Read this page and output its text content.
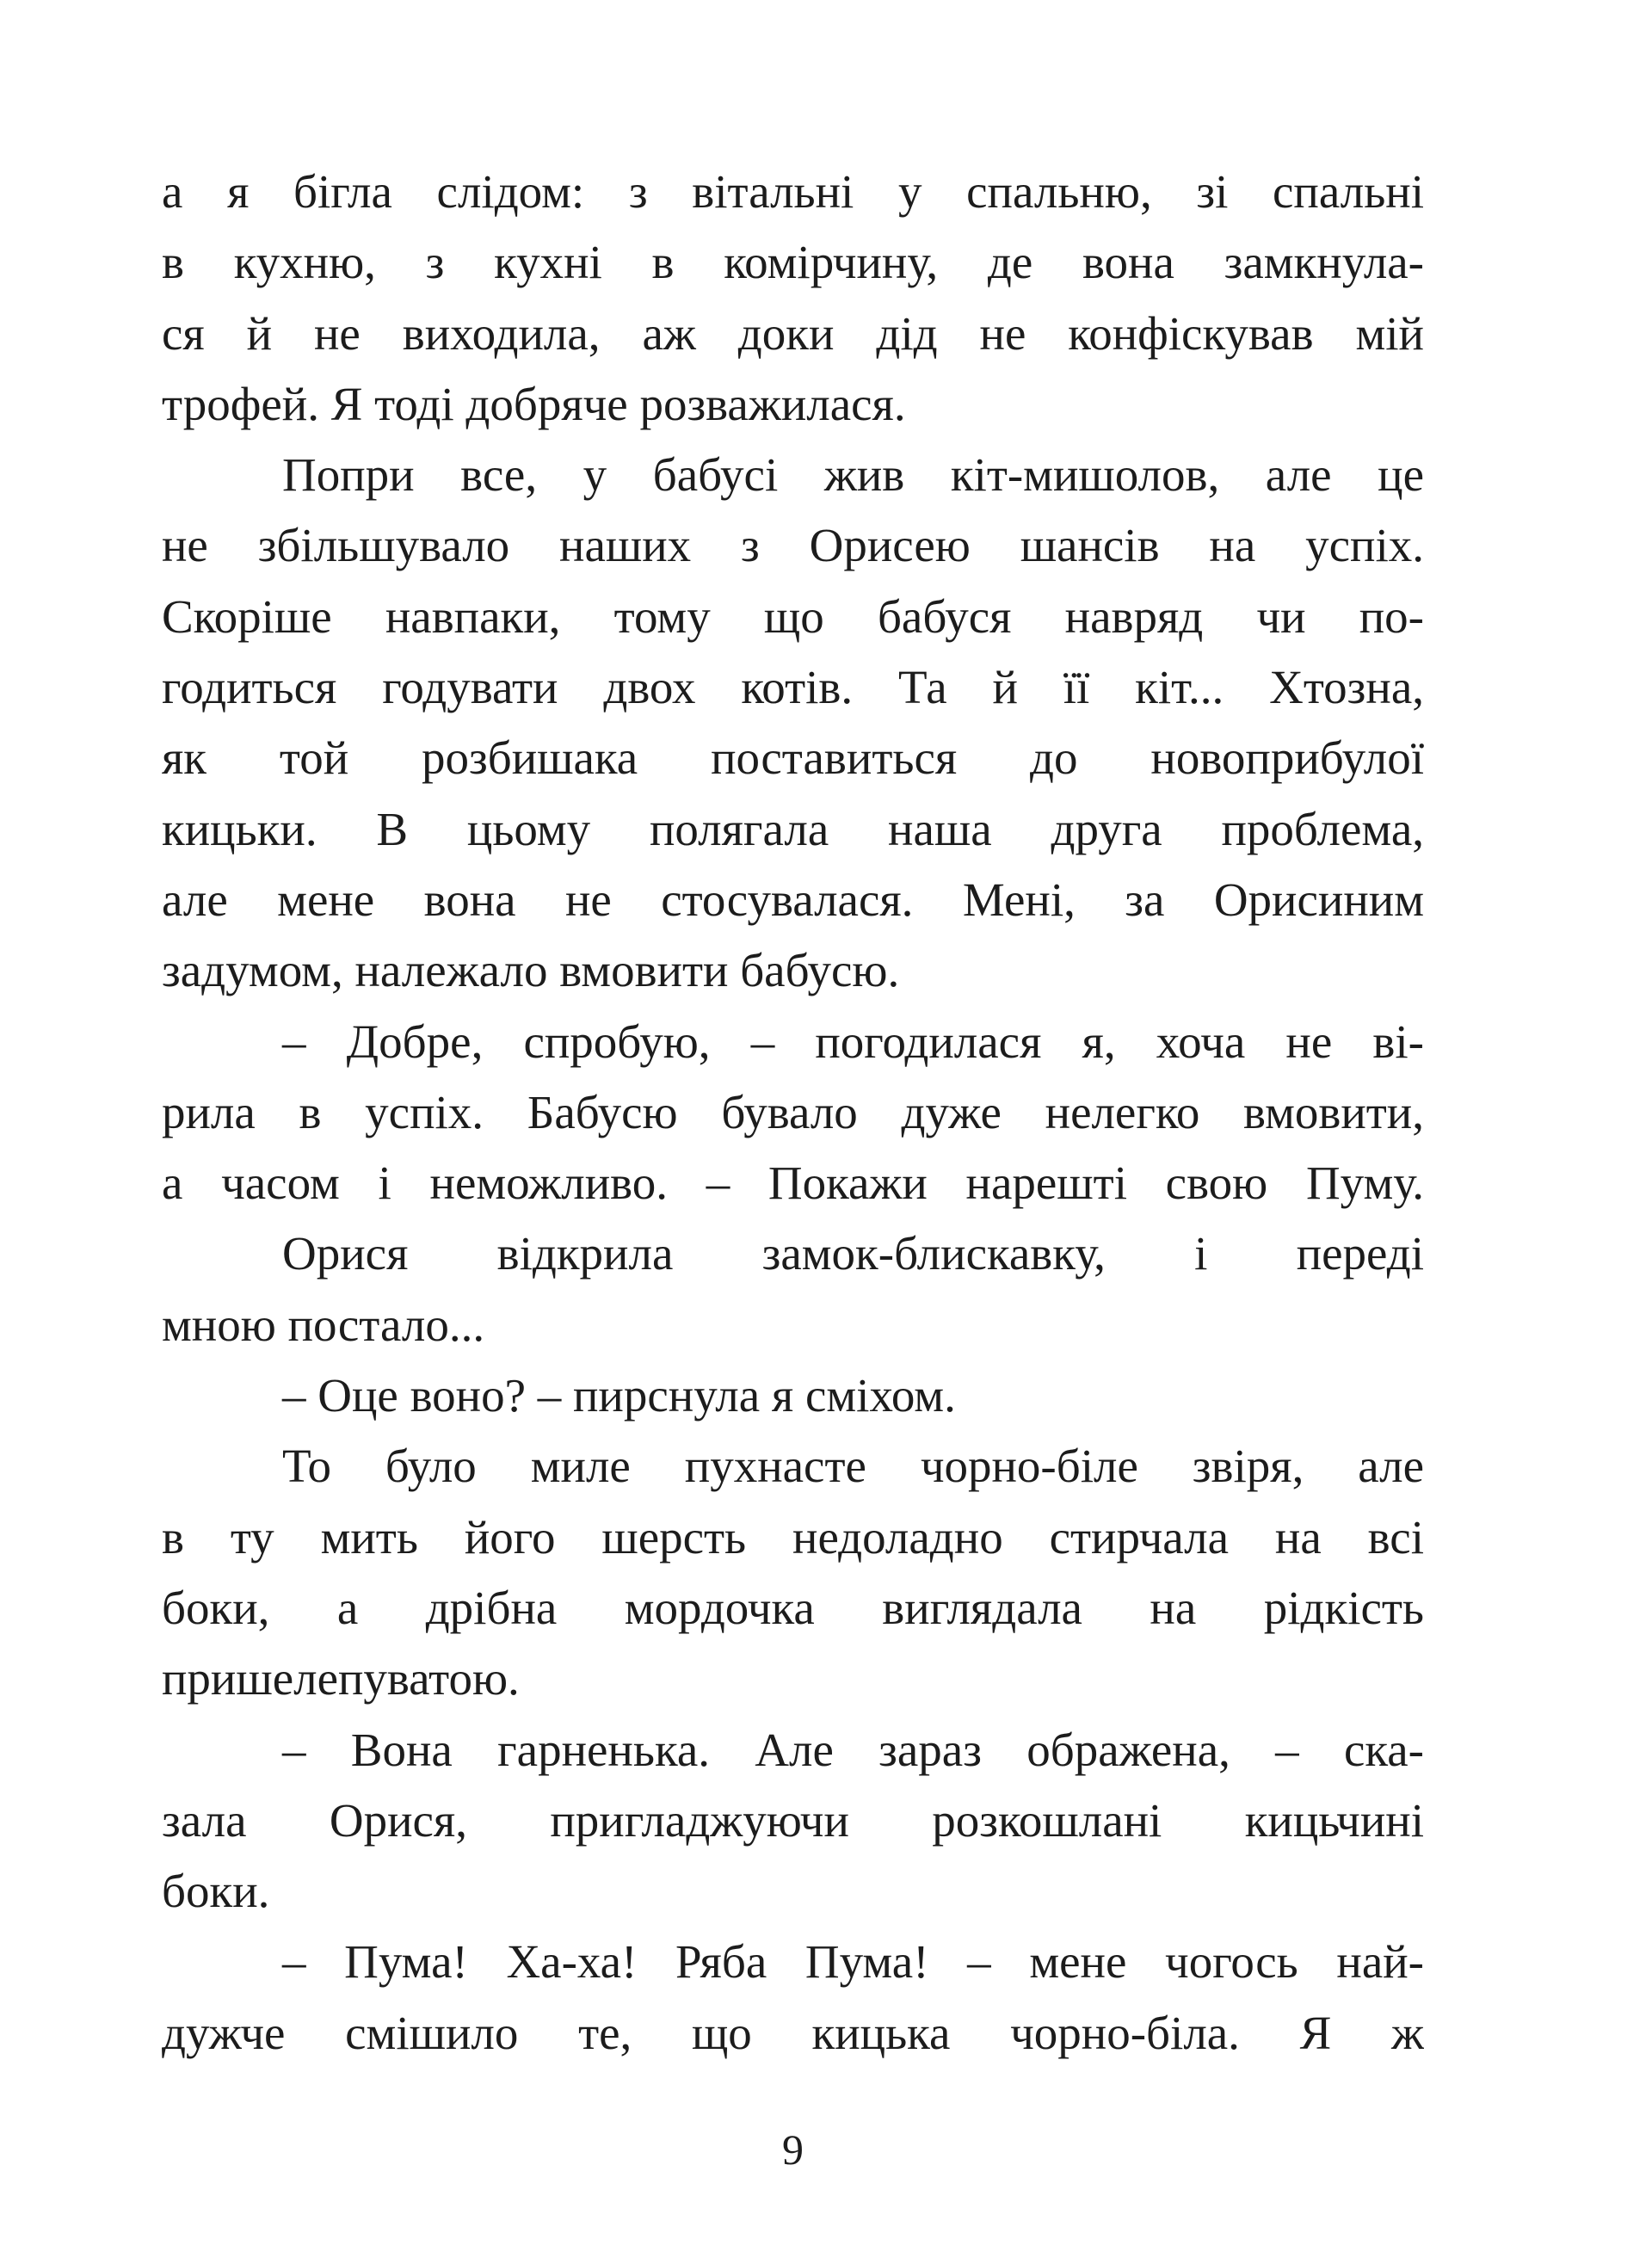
а я бігла слідом: з вітальні у спальню, зі спальні
в кухню, з кухні в комірчину, де вона замкнула-
ся й не виходила, аж доки дід не конфіскував мій
трофей. Я тоді добряче розважилася.
Попри все, у бабусі жив кіт-мишолов, але це
не збільшувало наших з Орисею шансів на успіх.
Скоріше навпаки, тому що бабуся навряд чи по-
годиться годувати двох котів. Та й її кіт... Хтозна,
як той розбишака поставиться до новоприбулої
кицьки. В цьому полягала наша друга проблема,
але мене вона не стосувалася. Мені, за Орисиним
задумом, належало вмовити бабусю.
– Добре, спробую, – погодилася я, хоча не ві-
рила в успіх. Бабусю бувало дуже нелегко вмовити,
а часом і неможливо. – Покажи нарешті свою Пуму.
Орися відкрила замок-блискавку, і переді
мною постало...
– Оце воно? – пирснула я сміхом.
То було миле пухнасте чорно-біле звіря, але
в ту мить його шерсть недоладно стирчала на всі
боки, а дрібна мордочка виглядала на рідкість
пришелепуватою.
– Вона гарненька. Але зараз ображена, – ска-
зала Орися, пригладжуючи розкошлані кицьчині
боки.
– Пума! Ха-ха! Ряба Пума! – мене чогось най-
дужче смішило те, що кицька чорно-біла. Я ж
9
